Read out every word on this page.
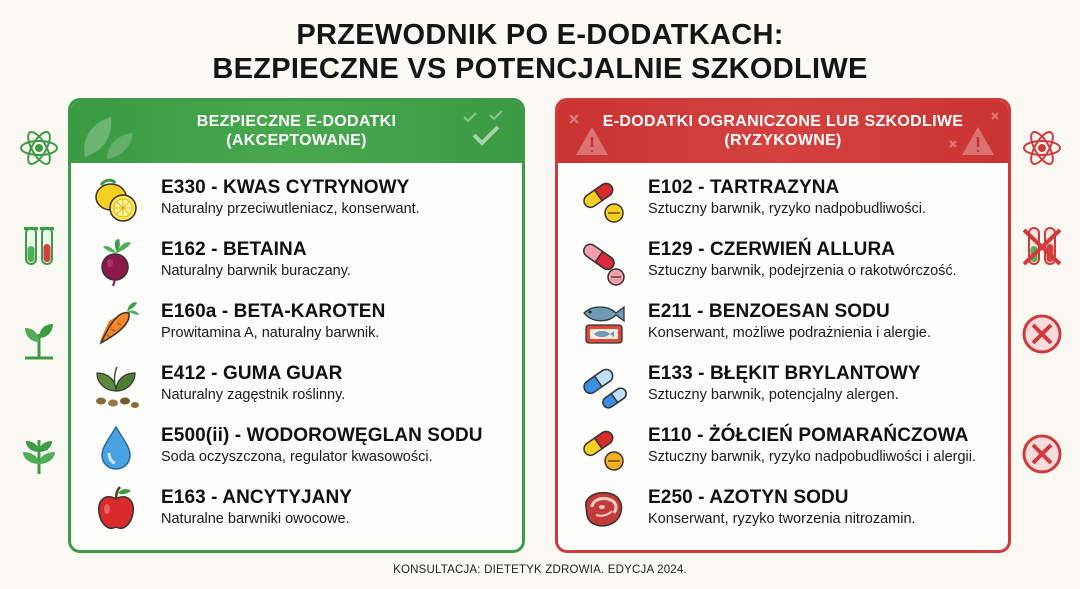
PRZEWODNIK PO E-DODATKACH:
BEZPIECZNE VS POTENCJALNIE SZKODLIWE
BEZPIECZNE E-DODATKI
(AKCEPTOWANE)
E330 - KWAS CYTRYNOWY
Naturalny przeciwutleniacz, konserwant.
E162 - BETAINA
Naturalny barwnik buraczany.
E160a - BETA-KAROTEN
Prowitamina A, naturalny barwnik.
E412 - GUMA GUAR
Naturalny zagęstnik roślinny.
E500(ii) - WODOROWĘGLAN SODU
Soda oczyszczona, regulator kwasowości.
E163 - ANCYTYJANY
Naturalne barwniki owocowe.
E-DODATKI OGRANICZONE LUB SZKODLIWE
(RYZYKOWNE)
E102 - TARTRAZYNA
Sztuczny barwnik, ryzyko nadpobudliwości.
E129 - CZERWIEŃ ALLURA
Sztuczny barwnik, podejrzenia o rakotwórczość.
E211 - BENZOESAN SODU
Konserwant, możliwe podrażnienia i alergie.
E133 - BŁĘKIT BRYLANTOWY
Sztuczny barwnik, potencjalny alergen.
E110 - ŻÓŁCIEŃ POMARAŃCZOWA
Sztuczny barwnik, ryzyko nadpobudliwości i alergii.
E250 - AZOTYN SODU
Konserwant, ryzyko tworzenia nitrozamin.
KONSULTACJA: DIETETYK ZDROWIA. EDYCJA 2024.
